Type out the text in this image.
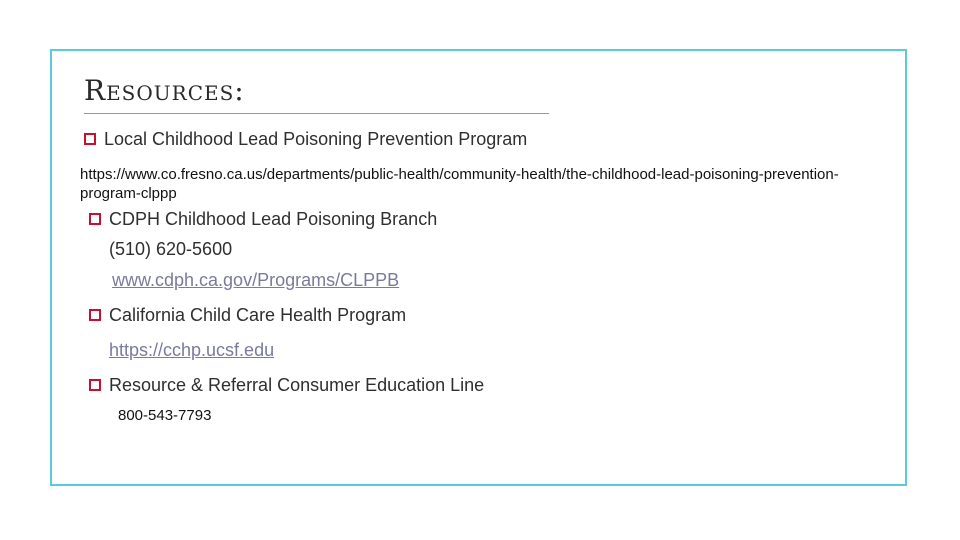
Resources:
Local Childhood Lead Poisoning Prevention Program
https://www.co.fresno.ca.us/departments/public-health/community-health/the-childhood-lead-poisoning-prevention-program-clppp
CDPH Childhood Lead Poisoning Branch
(510) 620-5600
www.cdph.ca.gov/Programs/CLPPB
California Child Care Health Program
https://cchp.ucsf.edu
Resource & Referral Consumer Education Line
800-543-7793
